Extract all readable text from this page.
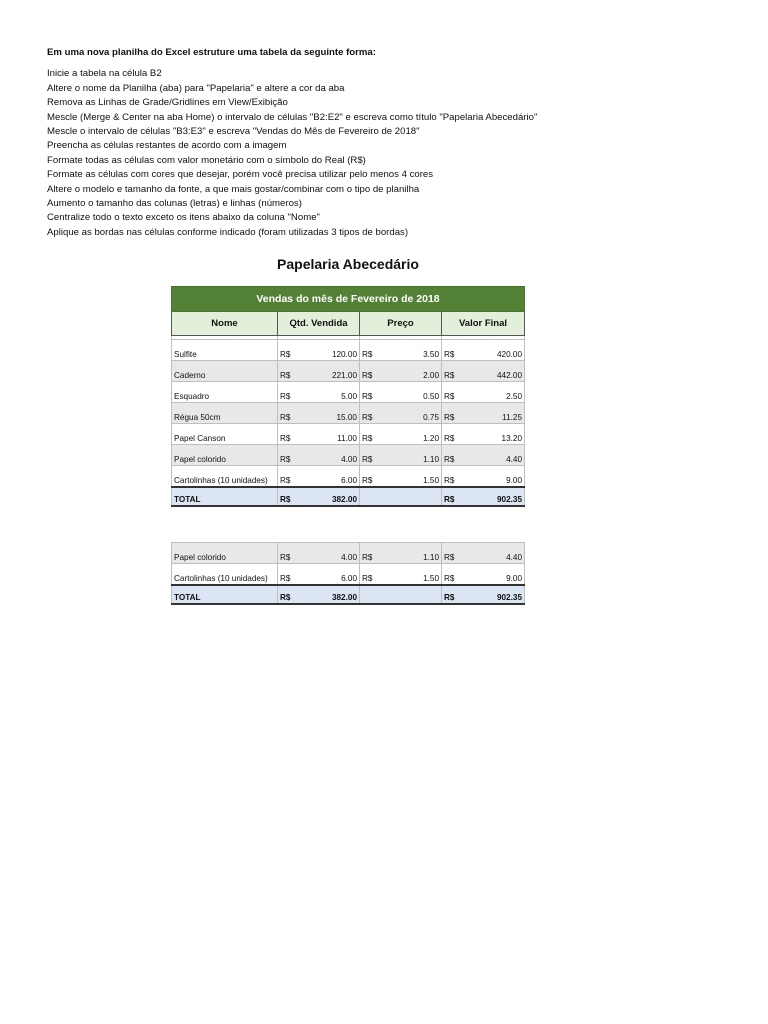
Em uma nova planilha do Excel estruture uma tabela da seguinte forma:
Inicie a tabela na célula B2
Altere o nome da Planilha (aba) para "Papelaria" e altere a cor da aba
Remova as Linhas de Grade/Gridlines em View/Exibição
Mescle (Merge & Center na aba Home) o intervalo de células "B2:E2" e escreva como título "Papelaria Abecedário"
Mescle o intervalo de células "B3:E3" e escreva "Vendas do Mês de Fevereiro de 2018"
Preencha as células restantes de acordo com a imagem
Formate todas as células com valor monetário com o símbolo do Real (R$)
Formate as células com cores que desejar, porém você precisa utilizar pelo menos 4 cores
Altere o modelo e tamanho da fonte, a que mais gostar/combinar com o tipo de planilha
Aumento o tamanho das colunas (letras) e linhas (números)
Centralize todo o texto exceto os itens abaixo da coluna "Nome"
Aplique as bordas nas células conforme indicado (foram utilizadas 3 tipos de bordas)
Papelaria Abecedário
Vendas do mês de Fevereiro de 2018			
Nome	Qtd. Vendida	Preço	Valor Final

Sulfite	R$ 120.00	R$ 3.50	R$ 420.00

Caderno	R$ 221.00	R$ 2.00	R$ 442.00

Esquadro	R$ 5.00	R$ 0.50	R$ 2.50

Régua 50cm	R$ 15.00	R$ 0.75	R$ 11.25

Papel Canson	R$ 11.00	R$ 1.20	R$ 13.20

Papel colorido	R$ 4.00	R$ 1.10	R$ 4.40

Cartolinhas (10 unidades)	R$ 6.00	R$ 1.50	R$ 9.00

TOTAL	R$ 382.00		R$ 902.35
Papel colorido	R$ 4.00	R$ 1.10	R$ 4.40

Cartolinhas (10 unidades)	R$ 6.00	R$ 1.50	R$ 9.00

TOTAL	R$ 382.00		R$ 902.35
